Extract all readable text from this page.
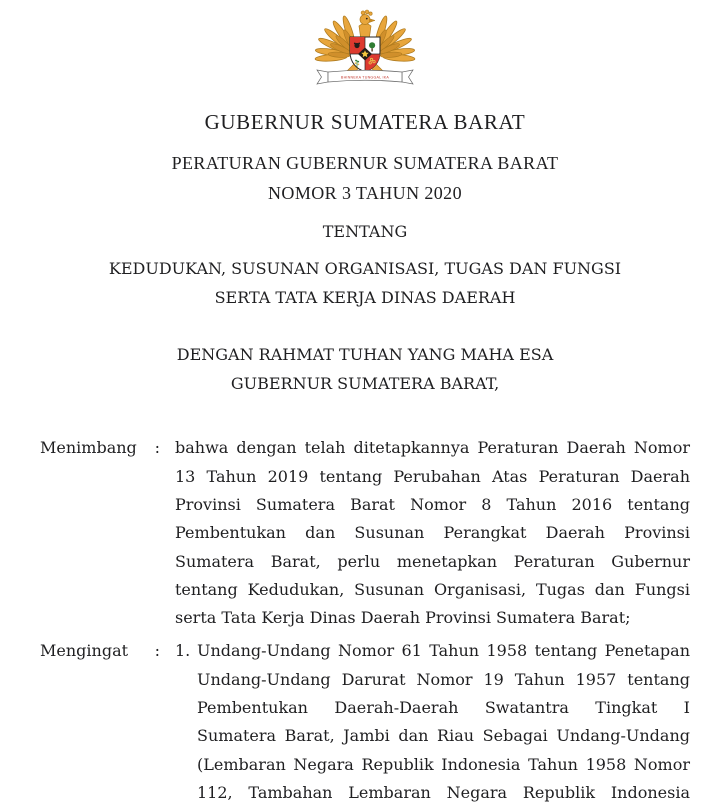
BHINNEKA TUNGGAL IKA
GUBERNUR SUMATERA BARAT
PERATURAN GUBERNUR SUMATERA BARAT
NOMOR 3 TAHUN 2020
TENTANG
KEDUDUKAN, SUSUNAN ORGANISASI, TUGAS DAN FUNGSI
SERTA TATA KERJA DINAS DAERAH
DENGAN RAHMAT TUHAN YANG MAHA ESA
GUBERNUR SUMATERA BARAT,
Menimbang : bahwa dengan telah ditetapkannya Peraturan Daerah Nomor
13 Tahun 2019 tentang Perubahan Atas Peraturan Daerah
Provinsi Sumatera Barat Nomor 8 Tahun 2016 tentang
Pembentukan dan Susunan Perangkat Daerah Provinsi
Sumatera Barat, perlu menetapkan Peraturan Gubernur
tentang Kedudukan, Susunan Organisasi, Tugas dan Fungsi
serta Tata Kerja Dinas Daerah Provinsi Sumatera Barat;
Mengingat : 1. Undang-Undang Nomor 61 Tahun 1958 tentang Penetapan
Undang-Undang Darurat Nomor 19 Tahun 1957 tentang
Pembentukan Daerah-Daerah Swatantra Tingkat I
Sumatera Barat, Jambi dan Riau Sebagai Undang-Undang
(Lembaran Negara Republik Indonesia Tahun 1958 Nomor
112, Tambahan Lembaran Negara Republik Indonesia
